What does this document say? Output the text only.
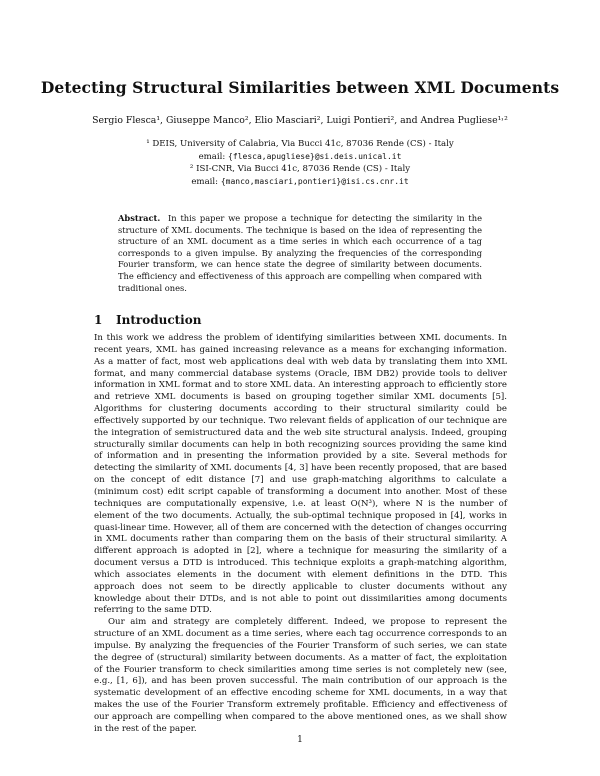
Detecting Structural Similarities between XML Documents
Sergio Flesca¹, Giuseppe Manco², Elio Masciari², Luigi Pontieri², and Andrea Pugliese¹˒²
¹ DEIS, University of Calabria, Via Bucci 41c, 87036 Rende (CS) - Italy
email: {flesca,apugliese}@si.deis.unical.it
² ISI-CNR, Via Bucci 41c, 87036 Rende (CS) - Italy
email: {manco,masciari,pontieri}@isi.cs.cnr.it
Abstract. In this paper we propose a technique for detecting the similarity in the structure of XML documents. The technique is based on the idea of representing the structure of an XML document as a time series in which each occurrence of a tag corresponds to a given impulse. By analyzing the frequencies of the corresponding Fourier transform, we can hence state the degree of similarity between documents. The efficiency and effectiveness of this approach are compelling when compared with traditional ones.
1 Introduction

In this work we address the problem of identifying similarities between XML documents. In recent years, XML has gained increasing relevance as a means for exchanging information. As a matter of fact, most web applications deal with web data by translating them into XML format, and many commercial database systems (Oracle, IBM DB2) provide tools to deliver information in XML format and to store XML data. An interesting approach to efficiently store and retrieve XML documents is based on grouping together similar XML documents [5]. Algorithms for clustering documents according to their structural similarity could be effectively supported by our technique. Two relevant fields of application of our technique are the integration of semistructured data and the web site structural analysis. Indeed, grouping structurally similar documents can help in both recognizing sources providing the same kind of information and in presenting the information provided by a site. Several methods for detecting the similarity of XML documents [4, 3] have been recently proposed, that are based on the concept of edit distance [7] and use graph-matching algorithms to calculate a (minimum cost) edit script capable of transforming a document into another. Most of these techniques are computationally expensive, i.e. at least O(N³), where N is the number of element of the two documents. Actually, the sub-optimal technique proposed in [4], works in quasi-linear time. However, all of them are concerned with the detection of changes occurring in XML documents rather than comparing them on the basis of their structural similarity. A different approach is adopted in [2], where a technique for measuring the similarity of a document versus a DTD is introduced. This technique exploits a graph-matching algorithm, which associates elements in the document with element definitions in the DTD. This approach does not seem to be directly applicable to cluster documents without any knowledge about their DTDs, and is not able to point out dissimilarities among documents referring to the same DTD.

Our aim and strategy are completely different. Indeed, we propose to represent the structure of an XML document as a time series, where each tag occurrence corresponds to an impulse. By analyzing the frequencies of the Fourier Transform of such series, we can state the degree of (structural) similarity between documents. As a matter of fact, the exploitation of the Fourier transform to check similarities among time series is not completely new (see, e.g., [1, 6]), and has been proven successful. The main contribution of our approach is the systematic development of an effective encoding scheme for XML documents, in a way that makes the use of the Fourier Transform extremely profitable. Efficiency and effectiveness of our approach are compelling when compared to the above mentioned ones, as we shall show in the rest of the paper.

1
